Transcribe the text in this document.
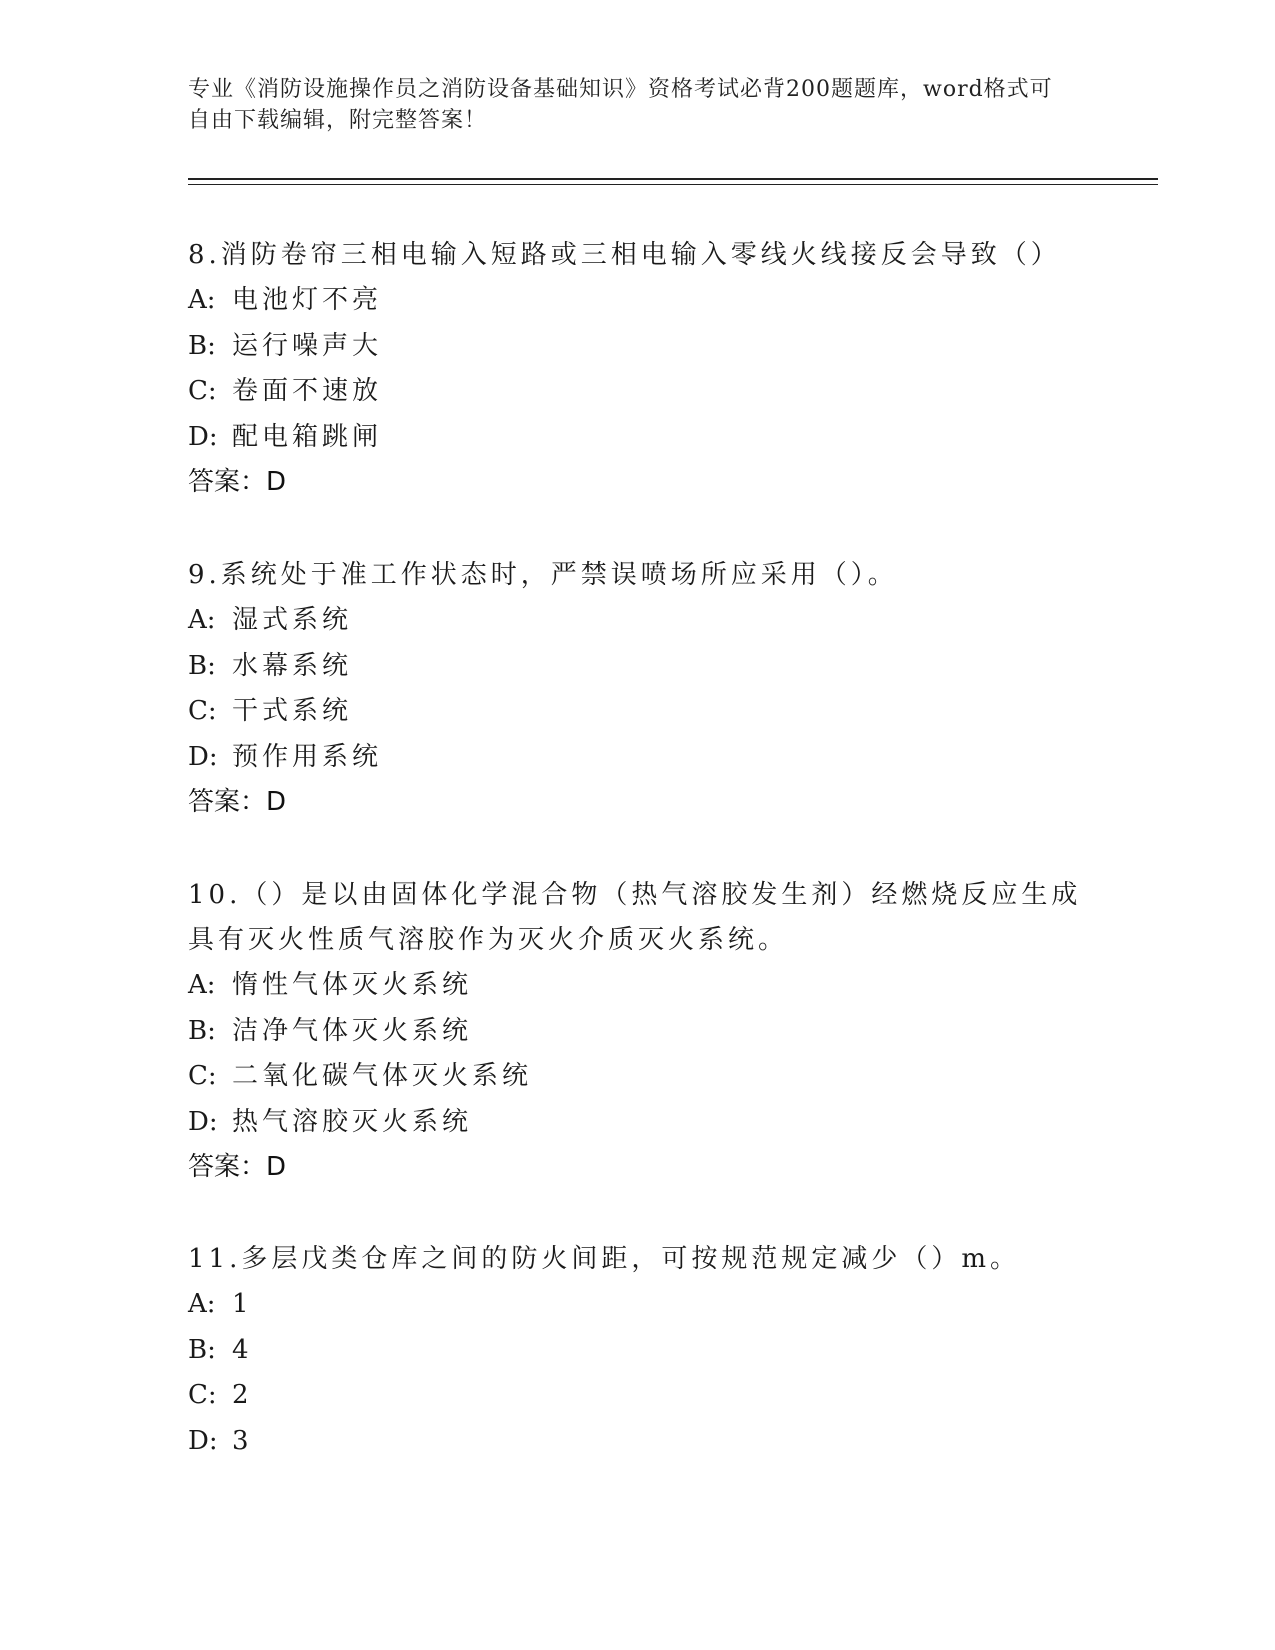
专业《消防设施操作员之消防设备基础知识》资格考试必背200题题库，word格式可自由下载编辑，附完整答案！

8.消防卷帘三相电输入短路或三相电输入零线火线接反会导致（）

A: 电池灯不亮
B: 运行噪声大
C: 卷面不速放
D: 配电箱跳闸
答案：D

9.系统处于准工作状态时，严禁误喷场所应采用（）。

A: 湿式系统
B: 水幕系统
C: 干式系统
D: 预作用系统
答案：D

10.（）是以由固体化学混合物（热气溶胶发生剂）经燃烧反应生成具有灭火性质气溶胶作为灭火介质灭火系统。

A: 惰性气体灭火系统
B: 洁净气体灭火系统
C: 二氧化碳气体灭火系统
D: 热气溶胶灭火系统
答案：D

11.多层戊类仓库之间的防火间距，可按规范规定减少（）m。

A: 1
B: 4
C: 2
D: 3
